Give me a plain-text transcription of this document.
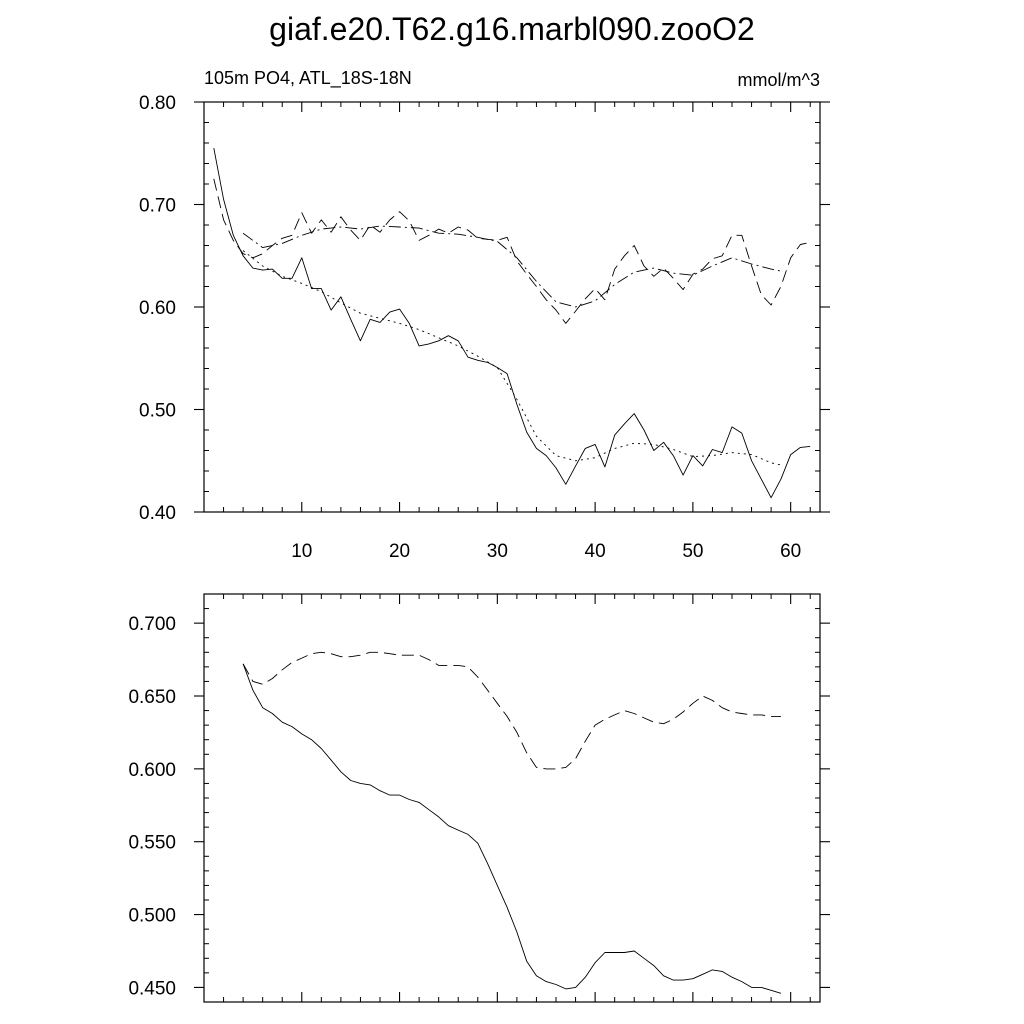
giaf.e20.T62.g16.marbl090.zooO2
105m PO4, ATL_18S-18N	mmol/m^3
10	20	30	40	50	60
0.40
0.50
0.60
0.70
0.80
0.450
0.500
0.550
0.600
0.650
0.700
